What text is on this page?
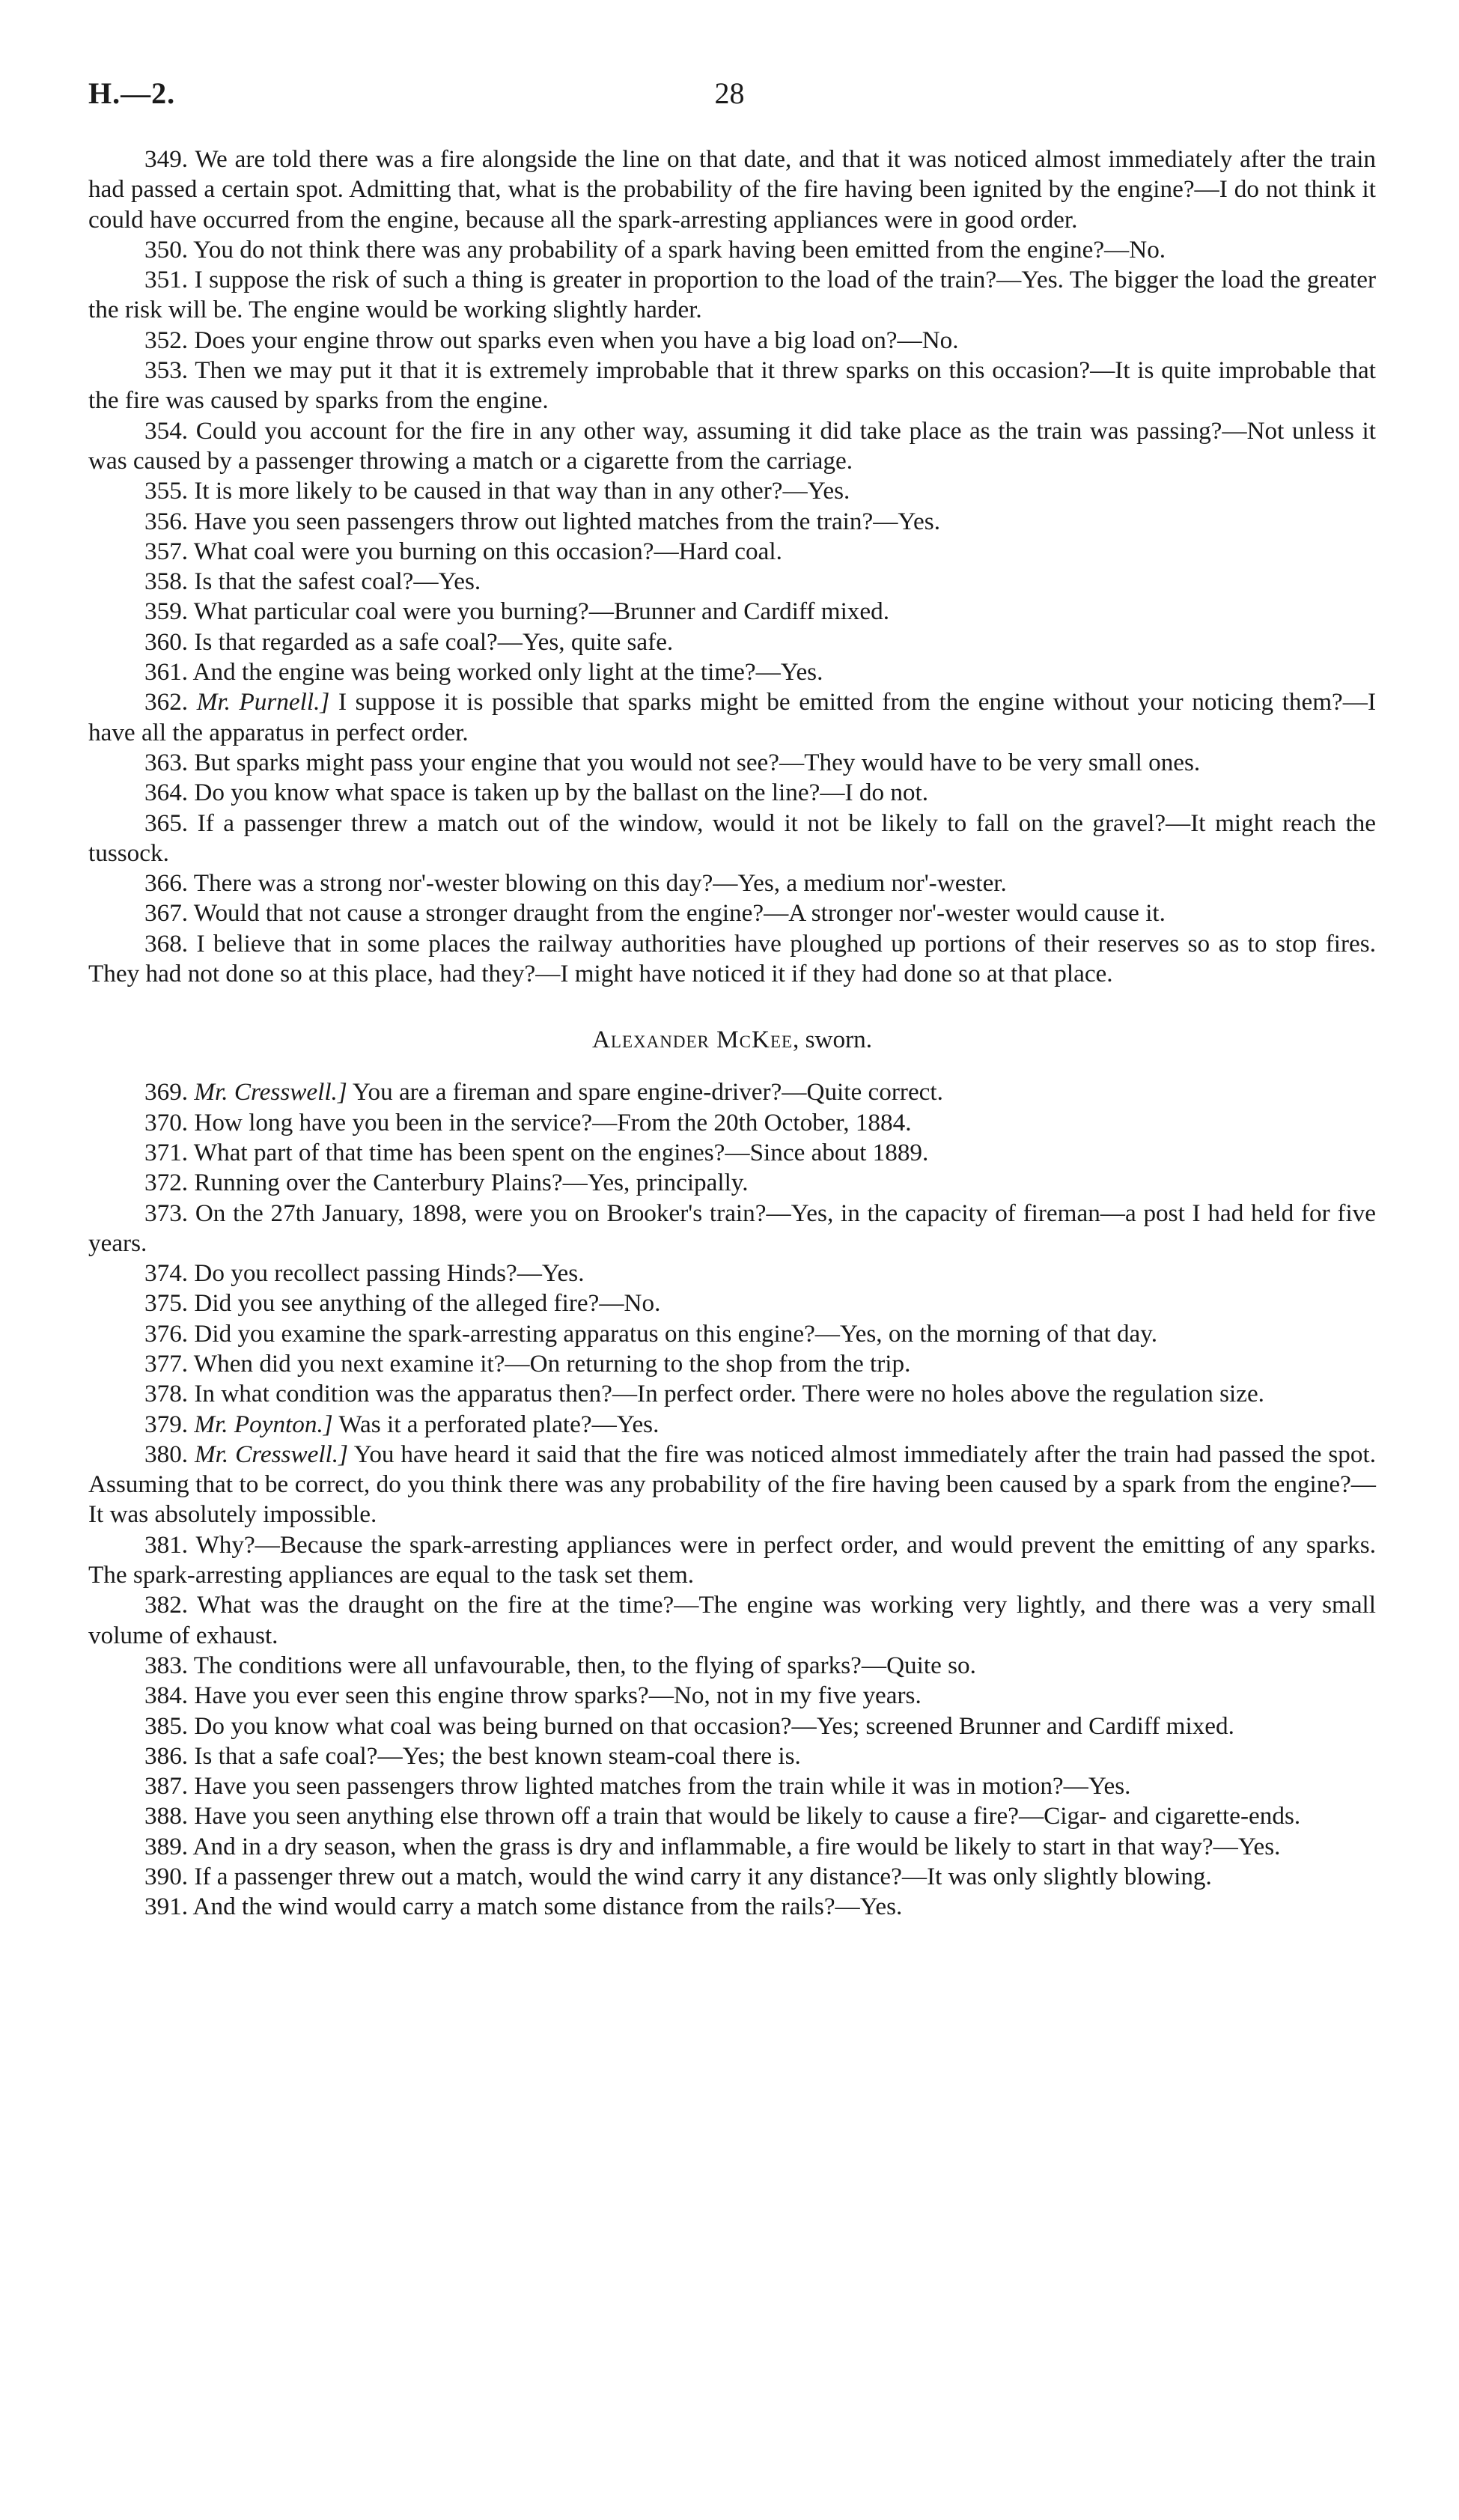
H.—2.	28

349. We are told there was a fire alongside the line on that date, and that it was noticed almost immediately after the train had passed a certain spot. Admitting that, what is the probability of the fire having been ignited by the engine?—I do not think it could have occurred from the engine, because all the spark-arresting appliances were in good order.

350. You do not think there was any probability of a spark having been emitted from the engine?—No.

351. I suppose the risk of such a thing is greater in proportion to the load of the train?—Yes. The bigger the load the greater the risk will be. The engine would be working slightly harder.

352. Does your engine throw out sparks even when you have a big load on?—No.

353. Then we may put it that it is extremely improbable that it threw sparks on this occasion?—It is quite improbable that the fire was caused by sparks from the engine.

354. Could you account for the fire in any other way, assuming it did take place as the train was passing?—Not unless it was caused by a passenger throwing a match or a cigarette from the carriage.

355. It is more likely to be caused in that way than in any other?—Yes.

356. Have you seen passengers throw out lighted matches from the train?—Yes.

357. What coal were you burning on this occasion?—Hard coal.

358. Is that the safest coal?—Yes.

359. What particular coal were you burning?—Brunner and Cardiff mixed.

360. Is that regarded as a safe coal?—Yes, quite safe.

361. And the engine was being worked only light at the time?—Yes.

362. Mr. Purnell.] I suppose it is possible that sparks might be emitted from the engine without your noticing them?—I have all the apparatus in perfect order.

363. But sparks might pass your engine that you would not see?—They would have to be very small ones.

364. Do you know what space is taken up by the ballast on the line?—I do not.

365. If a passenger threw a match out of the window, would it not be likely to fall on the gravel?—It might reach the tussock.

366. There was a strong nor'-wester blowing on this day?—Yes, a medium nor'-wester.

367. Would that not cause a stronger draught from the engine?—A stronger nor'-wester would cause it.

368. I believe that in some places the railway authorities have ploughed up portions of their reserves so as to stop fires. They had not done so at this place, had they?—I might have noticed it if they had done so at that place.

Alexander McKee, sworn.

369. Mr. Cresswell.] You are a fireman and spare engine-driver?—Quite correct.

370. How long have you been in the service?—From the 20th October, 1884.

371. What part of that time has been spent on the engines?—Since about 1889.

372. Running over the Canterbury Plains?—Yes, principally.

373. On the 27th January, 1898, were you on Brooker's train?—Yes, in the capacity of fireman—a post I had held for five years.

374. Do you recollect passing Hinds?—Yes.

375. Did you see anything of the alleged fire?—No.

376. Did you examine the spark-arresting apparatus on this engine?—Yes, on the morning of that day.

377. When did you next examine it?—On returning to the shop from the trip.

378. In what condition was the apparatus then?—In perfect order. There were no holes above the regulation size.

379. Mr. Poynton.] Was it a perforated plate?—Yes.

380. Mr. Cresswell.] You have heard it said that the fire was noticed almost immediately after the train had passed the spot. Assuming that to be correct, do you think there was any probability of the fire having been caused by a spark from the engine?—It was absolutely impossible.

381. Why?—Because the spark-arresting appliances were in perfect order, and would prevent the emitting of any sparks. The spark-arresting appliances are equal to the task set them.

382. What was the draught on the fire at the time?—The engine was working very lightly, and there was a very small volume of exhaust.

383. The conditions were all unfavourable, then, to the flying of sparks?—Quite so.

384. Have you ever seen this engine throw sparks?—No, not in my five years.

385. Do you know what coal was being burned on that occasion?—Yes; screened Brunner and Cardiff mixed.

386. Is that a safe coal?—Yes; the best known steam-coal there is.

387. Have you seen passengers throw lighted matches from the train while it was in motion?—Yes.

388. Have you seen anything else thrown off a train that would be likely to cause a fire?—Cigar- and cigarette-ends.

389. And in a dry season, when the grass is dry and inflammable, a fire would be likely to start in that way?—Yes.

390. If a passenger threw out a match, would the wind carry it any distance?—It was only slightly blowing.

391. And the wind would carry a match some distance from the rails?—Yes.
